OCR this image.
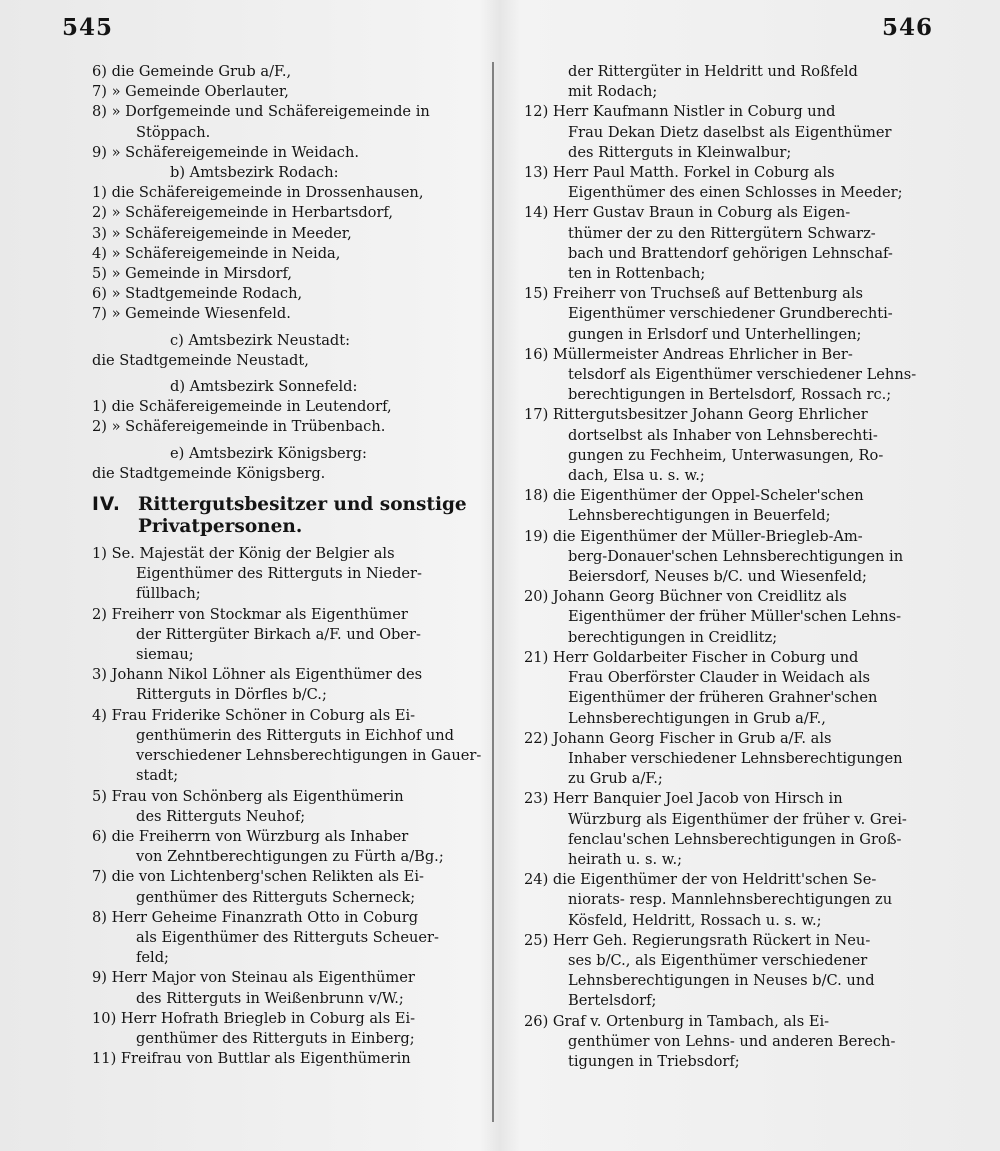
545	546
6) die Gemeinde Grub a/F.,
7) » Gemeinde Oberlauter,
8) » Dorfgemeinde und Schäfereigemeinde in
Stöppach.
9) » Schäfereigemeinde in Weidach.
b) Amtsbezirk Rodach:
1) die Schäfereigemeinde in Drossenhausen,
2) » Schäfereigemeinde in Herbartsdorf,
3) » Schäfereigemeinde in Meeder,
4) » Schäfereigemeinde in Neida,
5) » Gemeinde in Mirsdorf,
6) » Stadtgemeinde Rodach,
7) » Gemeinde Wiesenfeld.
c) Amtsbezirk Neustadt:
die Stadtgemeinde Neustadt,
d) Amtsbezirk Sonnefeld:
1) die Schäfereigemeinde in Leutendorf,
2) » Schäfereigemeinde in Trübenbach.
e) Amtsbezirk Königsberg:
die Stadtgemeinde Königsberg.
IV. Rittergutsbesitzer und sonstige
Privatpersonen.
1) Se. Majestät der König der Belgier als
Eigenthümer des Ritterguts in Nieder-
füllbach;
2) Freiherr von Stockmar als Eigenthümer
der Rittergüter Birkach a/F. und Ober-
siemau;
3) Johann Nikol Löhner als Eigenthümer des
Ritterguts in Dörfles b/C.;
4) Frau Friderike Schöner in Coburg als Ei-
genthümerin des Ritterguts in Eichhof und
verschiedener Lehnsberechtigungen in Gauer-
stadt;
5) Frau von Schönberg als Eigenthümerin
des Ritterguts Neuhof;
6) die Freiherrn von Würzburg als Inhaber
von Zehntberechtigungen zu Fürth a/Bg.;
7) die von Lichtenberg'schen Relikten als Ei-
genthümer des Ritterguts Scherneck;
8) Herr Geheime Finanzrath Otto in Coburg
als Eigenthümer des Ritterguts Scheuer-
feld;
9) Herr Major von Steinau als Eigenthümer
des Ritterguts in Weißenbrunn v/W.;
10) Herr Hofrath Briegleb in Coburg als Ei-
genthümer des Ritterguts in Einberg;
11) Freifrau von Buttlar als Eigenthümerin
der Rittergüter in Heldritt und Roßfeld
mit Rodach;
12) Herr Kaufmann Nistler in Coburg und
Frau Dekan Dietz daselbst als Eigenthümer
des Ritterguts in Kleinwalbur;
13) Herr Paul Matth. Forkel in Coburg als
Eigenthümer des einen Schlosses in Meeder;
14) Herr Gustav Braun in Coburg als Eigen-
thümer der zu den Rittergütern Schwarz-
bach und Brattendorf gehörigen Lehnschaf-
ten in Rottenbach;
15) Freiherr von Truchseß auf Bettenburg als
Eigenthümer verschiedener Grundberechti-
gungen in Erlsdorf und Unterhellingen;
16) Müllermeister Andreas Ehrlicher in Ber-
telsdorf als Eigenthümer verschiedener Lehns-
berechtigungen in Bertelsdorf, Rossach rc.;
17) Rittergutsbesitzer Johann Georg Ehrlicher
dortselbst als Inhaber von Lehnsberechti-
gungen zu Fechheim, Unterwasungen, Ro-
dach, Elsa u. s. w.;
18) die Eigenthümer der Oppel-Scheler'schen
Lehnsberechtigungen in Beuerfeld;
19) die Eigenthümer der Müller-Briegleb-Am-
berg-Donauer'schen Lehnsberechtigungen in
Beiersdorf, Neuses b/C. und Wiesenfeld;
20) Johann Georg Büchner von Creidlitz als
Eigenthümer der früher Müller'schen Lehns-
berechtigungen in Creidlitz;
21) Herr Goldarbeiter Fischer in Coburg und
Frau Oberförster Clauder in Weidach als
Eigenthümer der früheren Grahner'schen
Lehnsberechtigungen in Grub a/F.,
22) Johann Georg Fischer in Grub a/F. als
Inhaber verschiedener Lehnsberechtigungen
zu Grub a/F.;
23) Herr Banquier Joel Jacob von Hirsch in
Würzburg als Eigenthümer der früher v. Grei-
fenclau'schen Lehnsberechtigungen in Groß-
heirath u. s. w.;
24) die Eigenthümer der von Heldritt'schen Se-
niorats- resp. Mannlehnsberechtigungen zu
Kösfeld, Heldritt, Rossach u. s. w.;
25) Herr Geh. Regierungsrath Rückert in Neu-
ses b/C., als Eigenthümer verschiedener
Lehnsberechtigungen in Neuses b/C. und
Bertelsdorf;
26) Graf v. Ortenburg in Tambach, als Ei-
genthümer von Lehns- und anderen Berech-
tigungen in Triebsdorf;
